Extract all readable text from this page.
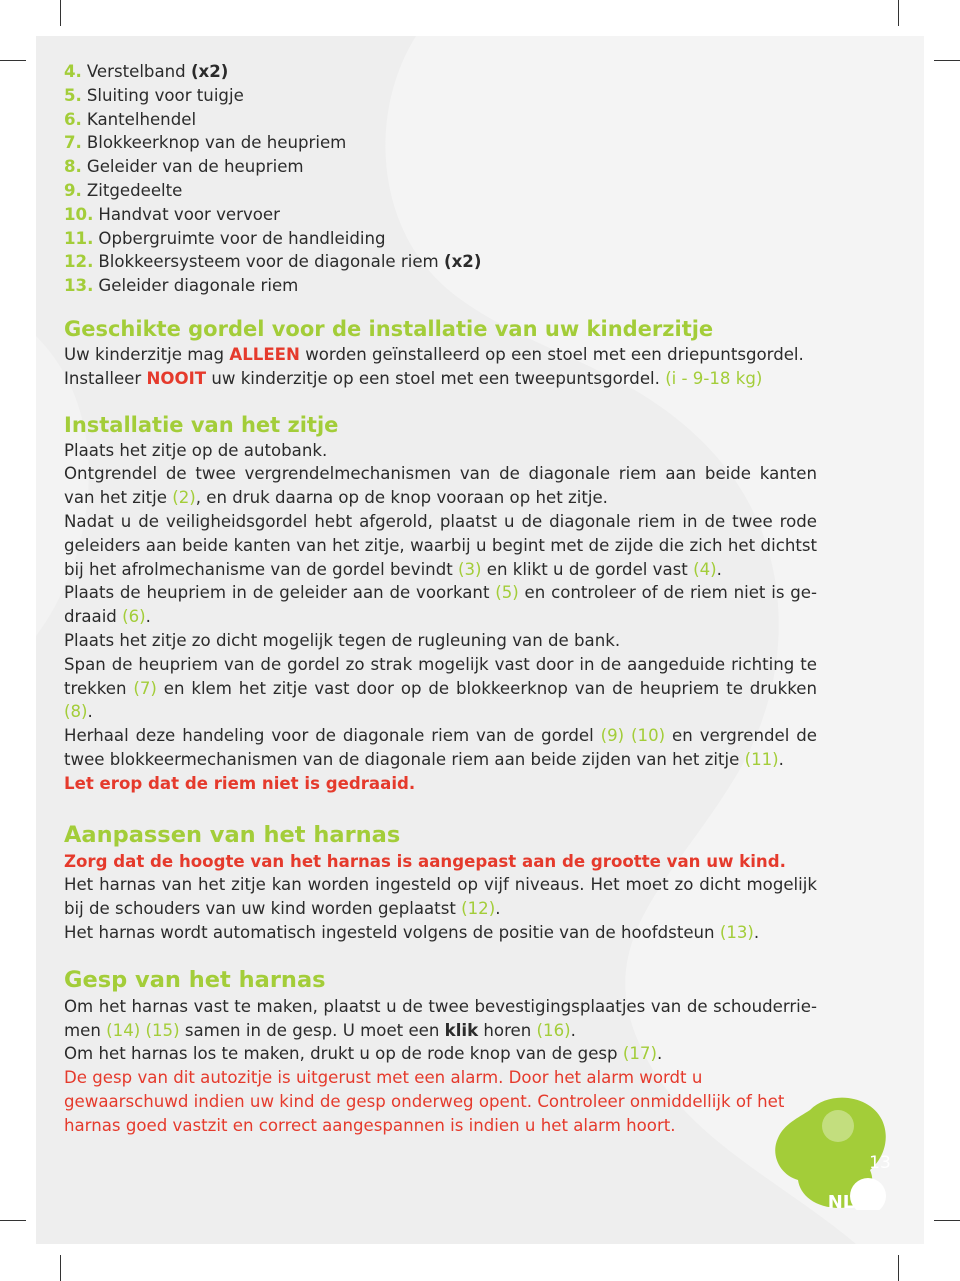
4. Verstelband (x2)
5. Sluiting voor tuigje
6. Kantelhendel
7. Blokkeerknop van de heupriem
8. Geleider van de heupriem
9. Zitgedeelte
10. Handvat voor vervoer
11. Opbergruimte voor de handleiding
12. Blokkeersysteem voor de diagonale riem (x2)
13. Geleider diagonale riem
Geschikte gordel voor de installatie van uw kinderzitje

Uw kinderzitje mag ALLEEN worden geïnstalleerd op een stoel met een driepuntsgordel.

Installeer NOOIT uw kinderzitje op een stoel met een tweepuntsgordel. (i - 9-18 kg)

Installatie van het zitje

Plaats het zitje op de autobank.

Ontgrendel de twee vergrendelmechanismen van de diagonale riem aan beide kanten van het zitje (2), en druk daarna op de knop vooraan op het zitje.

Nadat u de veiligheidsgordel hebt afgerold, plaatst u de diagonale riem in de twee rode geleiders aan beide kanten van het zitje, waarbij u begint met de zijde die zich het dichtst bij het afrolmechanisme van de gordel bevindt (3) en klikt u de gordel vast (4).

Plaats de heupriem in de geleider aan de voorkant (5) en controleer of de riem niet is ge-draaid (6).

Plaats het zitje zo dicht mogelijk tegen de rugleuning van de bank.

Span de heupriem van de gordel zo strak mogelijk vast door in de aangeduide richting te trekken (7) en klem het zitje vast door op de blokkeerknop van de heupriem te drukken (8).

Herhaal deze handeling voor de diagonale riem van de gordel (9) (10) en vergrendel de twee blokkeermechanismen van de diagonale riem aan beide zijden van het zitje (11).

Let erop dat de riem niet is gedraaid.

Aanpassen van het harnas

Zorg dat de hoogte van het harnas is aangepast aan de grootte van uw kind.

Het harnas van het zitje kan worden ingesteld op vijf niveaus. Het moet zo dicht mogelijk bij de schouders van uw kind worden geplaatst (12).

Het harnas wordt automatisch ingesteld volgens de positie van de hoofdsteun (13).

Gesp van het harnas

Om het harnas vast te maken, plaatst u de twee bevestigingsplaatjes van de schouderrie-men (14) (15) samen in de gesp. U moet een klik horen (16).

Om het harnas los te maken, drukt u op de rode knop van de gesp (17).

De gesp van dit autozitje is uitgerust met een alarm. Door het alarm wordt u gewaarschuwd indien uw kind de gesp onderweg opent. Controleer onmiddellijk of het harnas goed vastzit en correct aangespannen is indien u het alarm hoort.

13
NL
